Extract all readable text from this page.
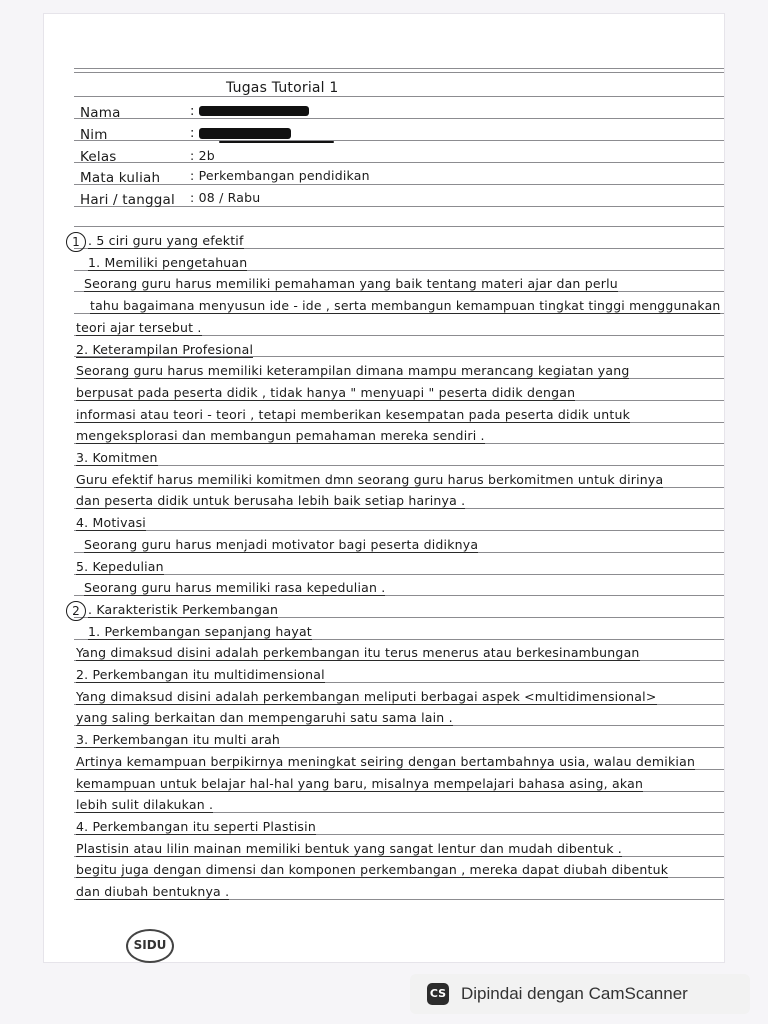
Tugas Tutorial 1
Nama	:
Nim	:
Kelas	: 2b
Mata kuliah : Perkembangan pendidikan
Hari / tanggal : 08 / Rabu
1 . 5 ciri guru yang efektif
1. Memiliki pengetahuan
Seorang guru harus memiliki pemahaman yang baik tentang materi ajar dan perlu
tahu bagaimana menyusun ide - ide , serta membangun kemampuan tingkat tinggi menggunakan
teori ajar tersebut .
2. Keterampilan Profesional
Seorang guru harus memiliki keterampilan dimana mampu merancang kegiatan yang
berpusat pada peserta didik , tidak hanya " menyuapi " peserta didik dengan
informasi atau teori - teori , tetapi memberikan kesempatan pada peserta didik untuk
mengeksplorasi dan membangun pemahaman mereka sendiri .
3. Komitmen
Guru efektif harus memiliki komitmen dmn seorang guru harus berkomitmen untuk dirinya
dan peserta didik untuk berusaha lebih baik setiap harinya .
4. Motivasi
Seorang guru harus menjadi motivator bagi peserta didiknya
5. Kepedulian
Seorang guru harus memiliki rasa kepedulian .
2 . Karakteristik Perkembangan
1. Perkembangan sepanjang hayat
Yang dimaksud disini adalah perkembangan itu terus menerus atau berkesinambungan
2. Perkembangan itu multidimensional
Yang dimaksud disini adalah perkembangan meliputi berbagai aspek <multidimensional>
yang saling berkaitan dan mempengaruhi satu sama lain .
3. Perkembangan itu multi arah
Artinya kemampuan berpikirnya meningkat seiring dengan bertambahnya usia, walau demikian
kemampuan untuk belajar hal-hal yang baru, misalnya mempelajari bahasa asing, akan
lebih sulit dilakukan .
4. Perkembangan itu seperti Plastisin
Plastisin atau lilin mainan memiliki bentuk yang sangat lentur dan mudah dibentuk .
begitu juga dengan dimensi dan komponen perkembangan , mereka dapat diubah dibentuk
dan diubah bentuknya .
SIDU
CS Dipindai dengan CamScanner
